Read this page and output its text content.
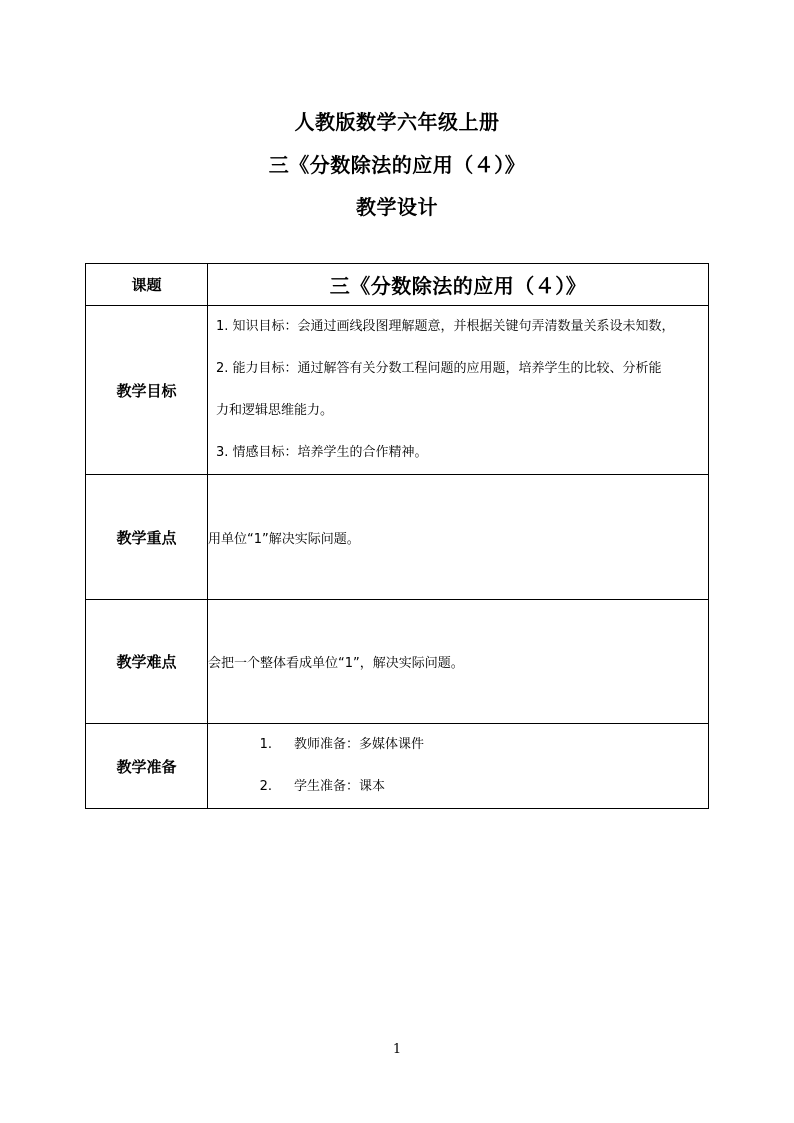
人教版数学六年级上册
三《分数除法的应用（４）》
教学设计
课题	三《分数除法的应用（４）》
教学目标	1. 知识目标：会通过画线段图理解题意，并根据关键句弄清数量关系设未知数，
2. 能力目标：通过解答有关分数工程问题的应用题，培养学生的比较、分析能
力和逻辑思维能力。
3. 情感目标：培养学生的合作精神。

教学重点	用单位“1”解决实际问题。
教学难点	会把一个整体看成单位“1”，解决实际问题。
教学准备	1. 教师准备：多媒体课件
2. 学生准备：课本
1
